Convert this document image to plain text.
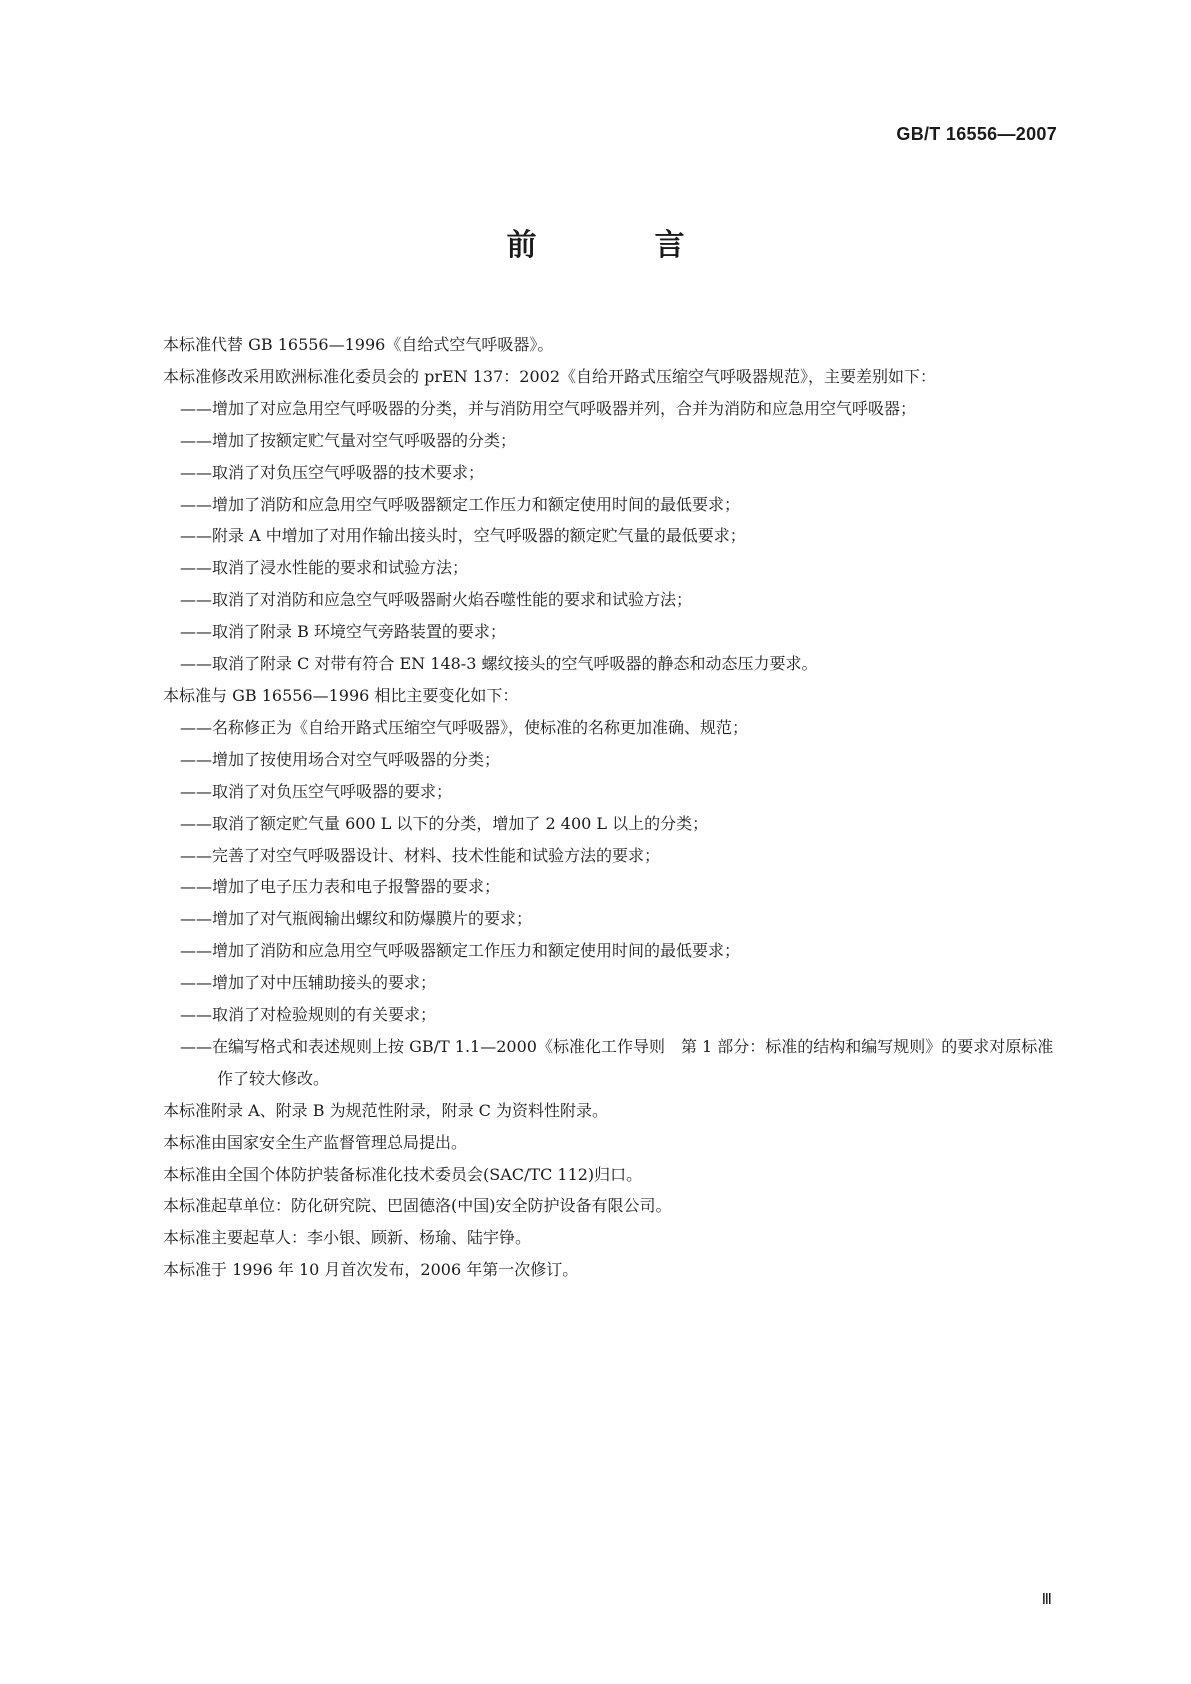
GB/T 16556—2007
前　言

本标准代替 GB 16556—1996《自给式空气呼吸器》。

本标准修改采用欧洲标准化委员会的 prEN 137：2002《自给开路式压缩空气呼吸器规范》，主要差别如下：

——增加了对应急用空气呼吸器的分类，并与消防用空气呼吸器并列，合并为消防和应急用空气呼吸器；

——增加了按额定贮气量对空气呼吸器的分类；

——取消了对负压空气呼吸器的技术要求；

——增加了消防和应急用空气呼吸器额定工作压力和额定使用时间的最低要求；

——附录 A 中增加了对用作输出接头时，空气呼吸器的额定贮气量的最低要求；

——取消了浸水性能的要求和试验方法；

——取消了对消防和应急空气呼吸器耐火焰吞噬性能的要求和试验方法；

——取消了附录 B 环境空气旁路装置的要求；

——取消了附录 C 对带有符合 EN 148-3 螺纹接头的空气呼吸器的静态和动态压力要求。

本标准与 GB 16556—1996 相比主要变化如下：

——名称修正为《自给开路式压缩空气呼吸器》，使标准的名称更加准确、规范；

——增加了按使用场合对空气呼吸器的分类；

——取消了对负压空气呼吸器的要求；

——取消了额定贮气量 600 L 以下的分类，增加了 2 400 L 以上的分类；

——完善了对空气呼吸器设计、材料、技术性能和试验方法的要求；

——增加了电子压力表和电子报警器的要求；

——增加了对气瓶阀输出螺纹和防爆膜片的要求；

——增加了消防和应急用空气呼吸器额定工作压力和额定使用时间的最低要求；

——增加了对中压辅助接头的要求；

——取消了对检验规则的有关要求；

——在编写格式和表述规则上按 GB/T 1.1—2000《标准化工作导则　第 1 部分：标准的结构和编写规则》的要求对原标准作了较大修改。

本标准附录 A、附录 B 为规范性附录，附录 C 为资料性附录。

本标准由国家安全生产监督管理总局提出。

本标准由全国个体防护装备标准化技术委员会(SAC/TC 112)归口。

本标准起草单位：防化研究院、巴固德洛(中国)安全防护设备有限公司。

本标准主要起草人：李小银、顾新、杨瑜、陆宇铮。

本标准于 1996 年 10 月首次发布，2006 年第一次修订。

Ⅲ
